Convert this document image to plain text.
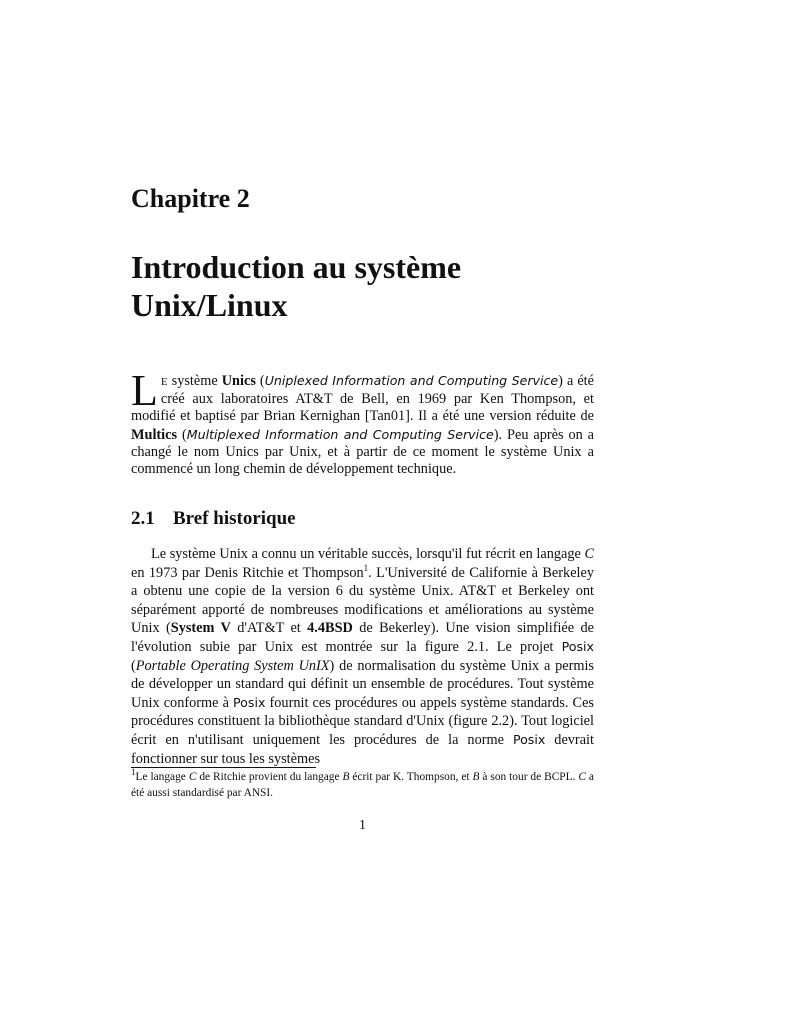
Chapitre 2
Introduction au système
Unix/Linux

L E système Unics (Uniplexed Information and Computing Service) a été créé aux laboratoires AT&T de Bell, en 1969 par Ken Thompson, et modifié et baptisé par Brian Kernighan [Tan01]. Il a été une version réduite de Multics (Multiplexed Information and Computing Service). Peu après on a changé le nom Unics par Unix, et à partir de ce moment le système Unix a commencé un long chemin de développement technique.

2.1 Bref historique

Le système Unix a connu un véritable succès, lorsqu'il fut récrit en langage C en 1973 par Denis Ritchie et Thompson$^1$. L'Université de Californie à Berkeley a obtenu une copie de la version 6 du système Unix. AT&T et Berkeley ont séparément apporté de nombreuses modifications et améliorations au système Unix (System V d'AT&T et 4.4BSD de Bekerley). Une vision simplifiée de l'évolution subie par Unix est montrée sur la figure 2.1. Le projet Posix (Portable Operating System UnIX) de normalisation du système Unix a permis de développer un standard qui définit un ensemble de procédures. Tout système Unix conforme à Posix fournit ces procédures ou appels système standards. Ces procédures constituent la bibliothèque standard d'Unix (figure 2.2). Tout logiciel écrit en n'utilisant uniquement les procédures de la norme Posix devrait fonctionner sur tous les systèmes

$^1$Le langage C de Ritchie provient du langage B écrit par K. Thompson, et B à son tour de BCPL. C a été aussi standardisé par ANSI.

1
